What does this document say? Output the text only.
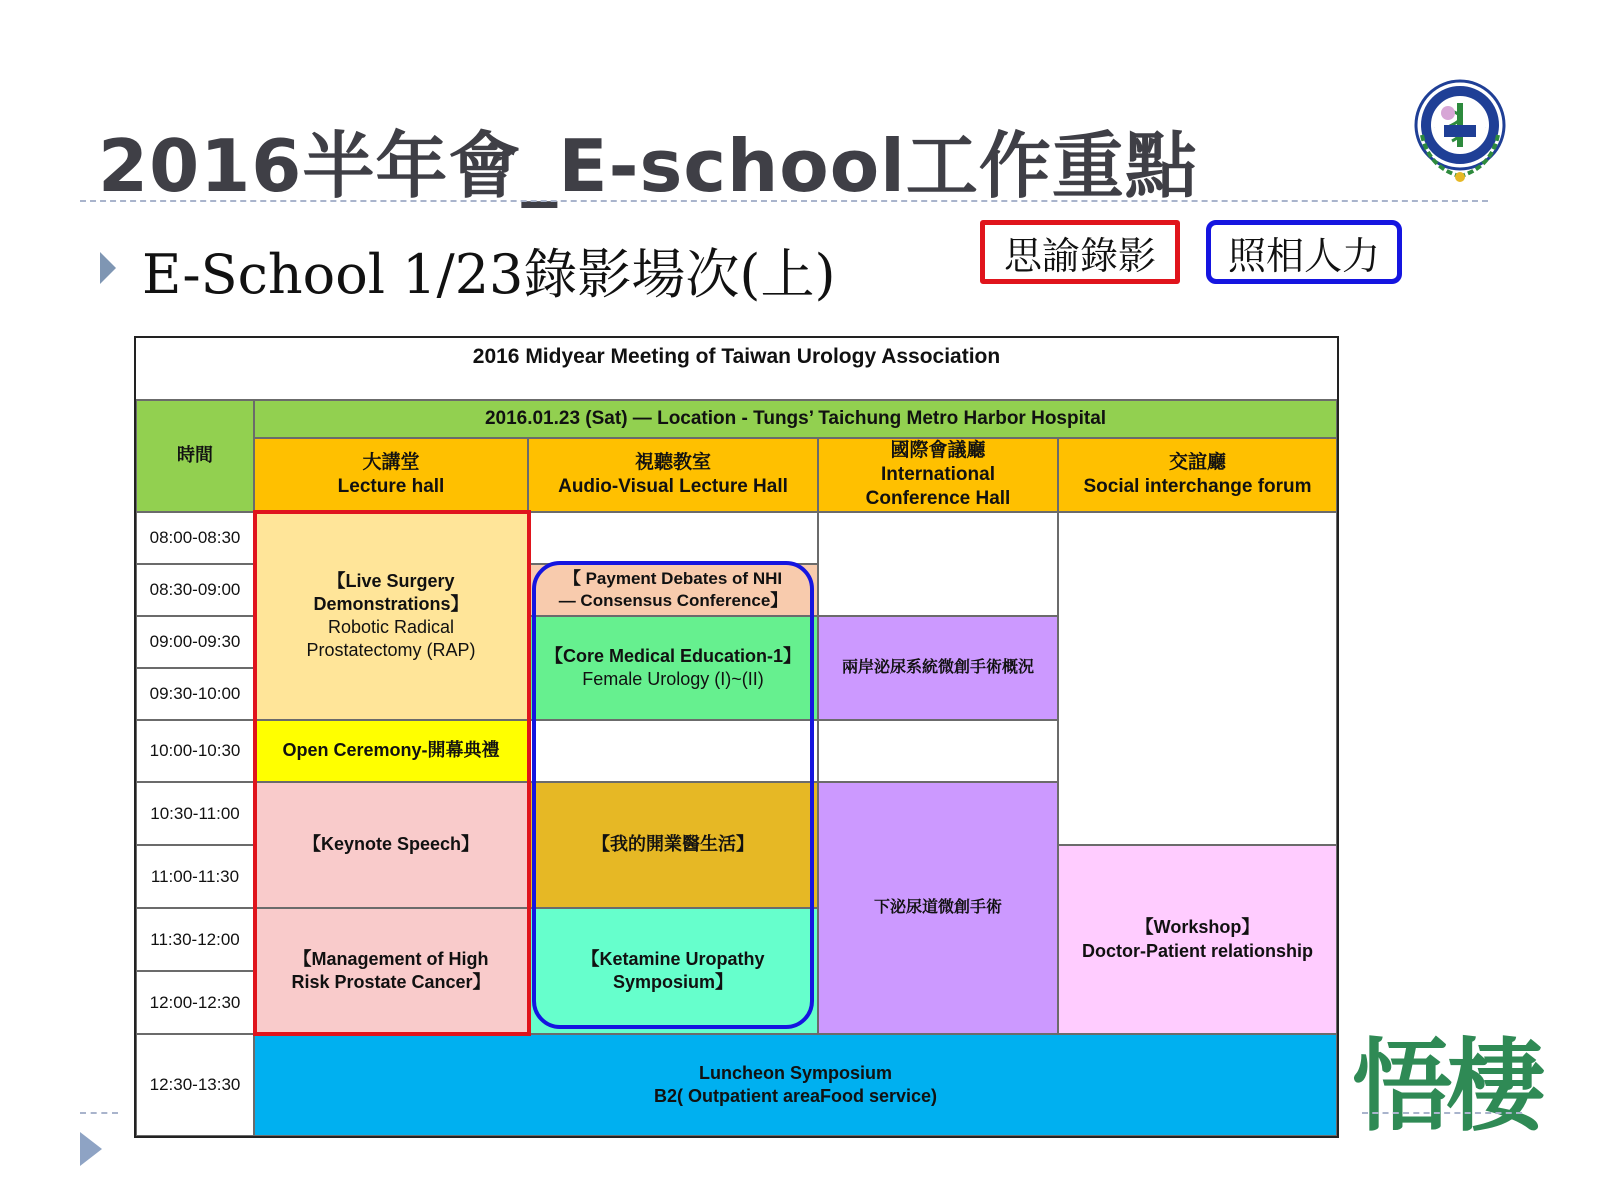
2016半年會_E-school工作重點
E-School 1/23錄影場次(上)	思諭錄影 照相人力
2016 Midyear Meeting of Taiwan Urology Association
時間
2016.01.23 (Sat) — Location - Tungs’ Taichung Metro Harbor Hospital
大講堂
Lecture hall
視聽教室
Audio-Visual Lecture Hall
國際會議廳
International Conference Hall
交誼廳
Social interchange forum
08:00-08:30
08:30-09:00
09:00-09:30
09:30-10:00
10:00-10:30
10:30-11:00
11:00-11:30
11:30-12:00
12:00-12:30
12:30-13:30
【Live Surgery Demonstrations】
Robotic Radical Prostatectomy (RAP)
Open Ceremony-開幕典禮
【Keynote Speech】
【Management of High Risk Prostate Cancer】
【 Payment Debates of NHI— Consensus Conference】
【Core Medical Education-1】
Female Urology (I)~(II)
【我的開業醫生活】
【Ketamine Uropathy Symposium】
兩岸泌尿系統微創手術概況
下泌尿道微創手術
【Workshop】
Doctor-Patient relationship
Luncheon Symposium
B2( Outpatient areaFood service)	悟棲
